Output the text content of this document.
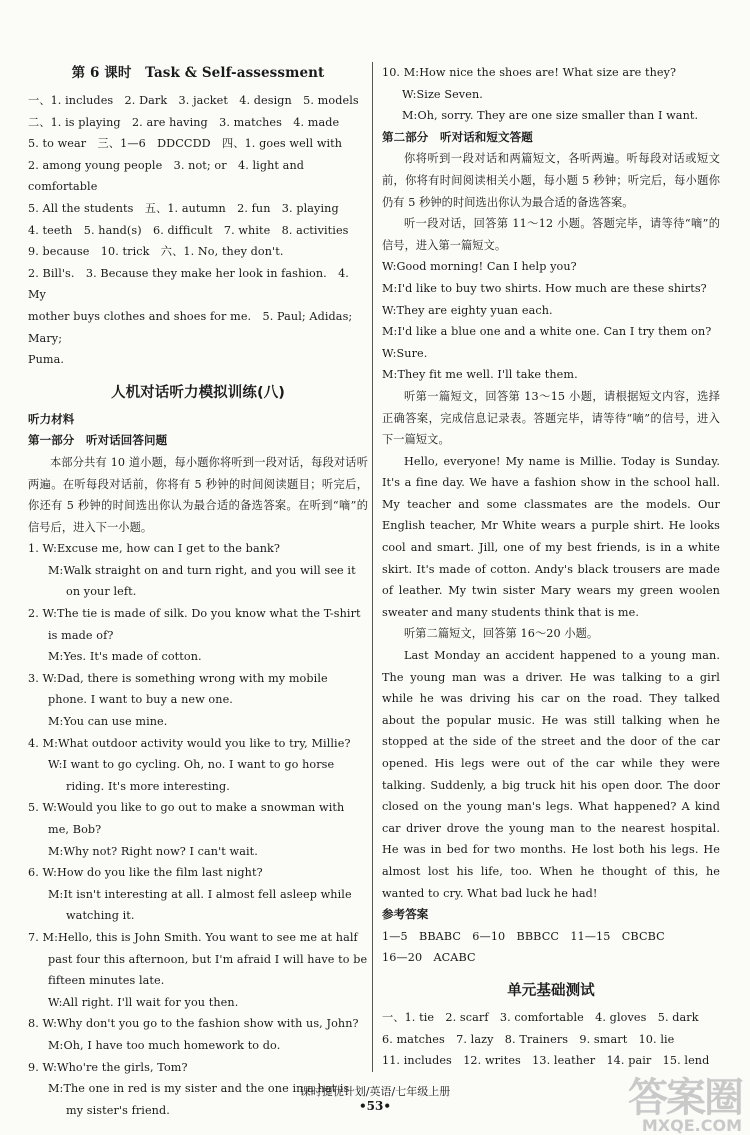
第 6 课时　Task & Self-assessment
一、1. includes　2. Dark　3. jacket　4. design　5. models
二、1. is playing　2. are having　3. matches　4. made
5. to wear　三、1—6　DDCCDD　四、1. goes well with
2. among young people　3. not; or　4. light and comfortable
5. All the students　五、1. autumn　2. fun　3. playing
4. teeth　5. hand(s)　6. difficult　7. white　8. activities
9. because　10. trick　六、1. No, they don't.
2. Bill's.　3. Because they make her look in fashion.　4. My
mother buys clothes and shoes for me.　5. Paul; Adidas; Mary;
Puma.
人机对话听力模拟训练(八)
听力材料
第一部分　听对话回答问题

本部分共有 10 道小题，每小题你将听到一段对话，每段对话听两遍。在听每段对话前，你将有 5 秒钟的时间阅读题目；听完后，你还有 5 秒钟的时间选出你认为最合适的备选答案。在听到“嘀”的信号后，进入下一小题。

1. W:Excuse me, how can I get to the bank?
M:Walk straight on and turn right, and you will see it on your left.
2. W:The tie is made of silk. Do you know what the T-shirt is made of?
M:Yes. It's made of cotton.
3. W:Dad, there is something wrong with my mobile phone. I want to buy a new one.
M:You can use mine.
4. M:What outdoor activity would you like to try, Millie?
W:I want to go cycling. Oh, no. I want to go horse riding. It's more interesting.
5. W:Would you like to go out to make a snowman with me, Bob?
M:Why not? Right now? I can't wait.
6. W:How do you like the film last night?
M:It isn't interesting at all. I almost fell asleep while watching it.
7. M:Hello, this is John Smith. You want to see me at half past four this afternoon, but I'm afraid I will have to be fifteen minutes late.
W:All right. I'll wait for you then.
8. W:Why don't you go to the fashion show with us, John?
M:Oh, I have too much homework to do.
9. W:Who're the girls, Tom?
M:The one in red is my sister and the one in a hat is my sister's friend.
10. M:How nice the shoes are! What size are they?
W:Size Seven.
M:Oh, sorry. They are one size smaller than I want.
第二部分　听对话和短文答题

你将听到一段对话和两篇短文，各听两遍。听每段对话或短文前，你将有时间阅读相关小题，每小题 5 秒钟；听完后，每小题你仍有 5 秒钟的时间选出你认为最合适的备选答案。

听一段对话，回答第 11～12 小题。答题完毕，请等待“嘀”的信号，进入第一篇短文。

W:Good morning! Can I help you?
M:I'd like to buy two shirts. How much are these shirts?
W:They are eighty yuan each.
M:I'd like a blue one and a white one. Can I try them on?
W:Sure.
M:They fit me well. I'll take them.

听第一篇短文，回答第 13～15 小题，请根据短文内容，选择正确答案，完成信息记录表。答题完毕，请等待“嘀”的信号，进入下一篇短文。

Hello, everyone! My name is Millie. Today is Sunday. It's a fine day. We have a fashion show in the school hall. My teacher and some classmates are the models. Our English teacher, Mr White wears a purple shirt. He looks cool and smart. Jill, one of my best friends, is in a white skirt. It's made of cotton. Andy's black trousers are made of leather. My twin sister Mary wears my green woolen sweater and many students think that is me.

听第二篇短文，回答第 16～20 小题。

Last Monday an accident happened to a young man. The young man was a driver. He was talking to a girl while he was driving his car on the road. They talked about the popular music. He was still talking when he stopped at the side of the street and the door of the car opened. His legs were out of the car while they were talking. Suddenly, a big truck hit his open door. The door closed on the young man's legs. What happened? A kind car driver drove the young man to the nearest hospital. He was in bed for two months. He lost both his legs. He almost lost his life, too. When he thought of this, he wanted to cry. What bad luck he had!

参考答案
1—5　BBABC　6—10　BBBCC　11—15　CBCBC
16—20　ACABC
单元基础测试
一、1. tie　2. scarf　3. comfortable　4. gloves　5. dark
6. matches　7. lazy　8. Trainers　9. smart　10. lie
11. includes　12. writes　13. leather　14. pair　15. lend
课时提优计划/英语/七年级上册
•53•	答案圈
MXQE.COM
